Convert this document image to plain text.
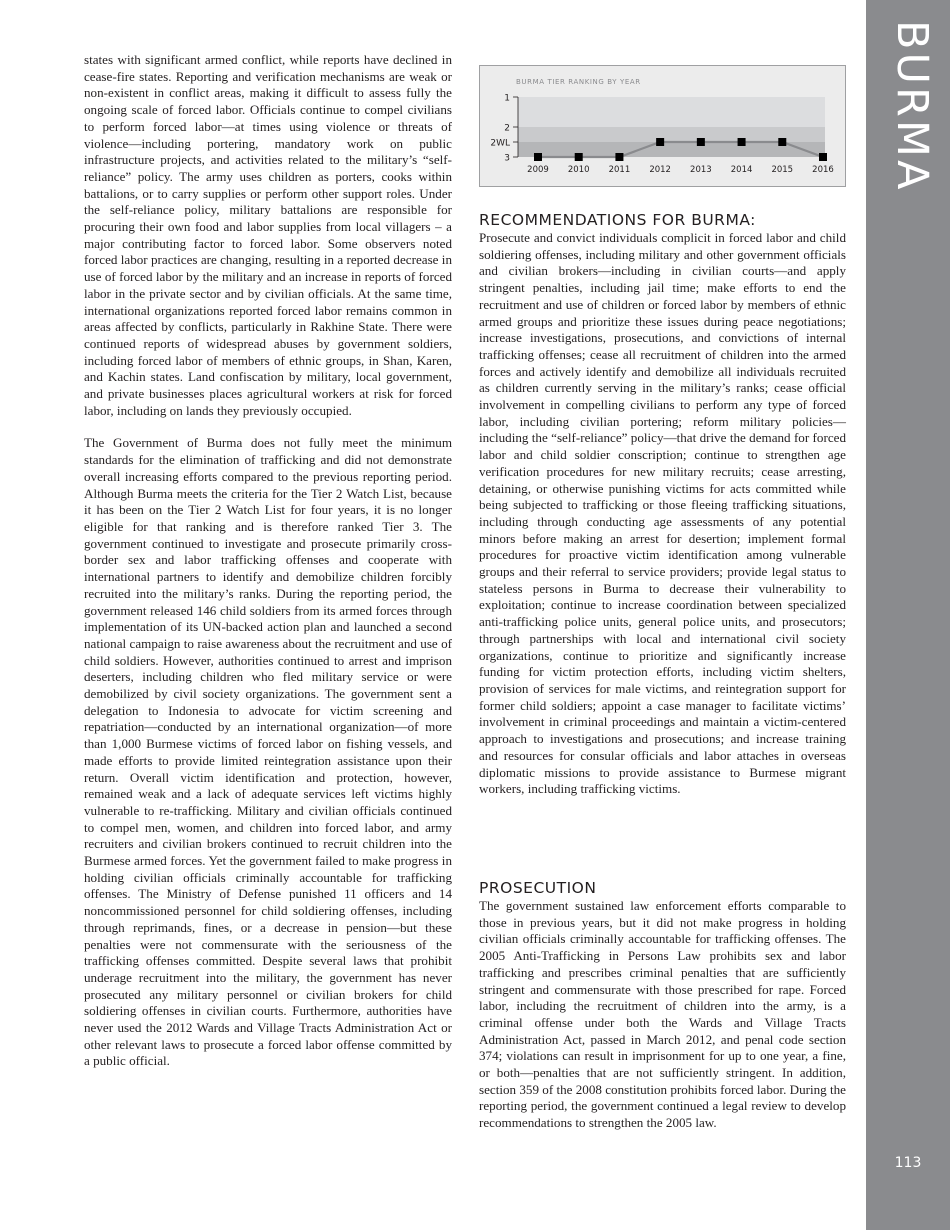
BURMA
113

states with significant armed conflict, while reports have declined in cease-fire states. Reporting and verification mechanisms are weak or non-existent in conflict areas, making it difficult to assess fully the ongoing scale of forced labor. Officials continue to compel civilians to perform forced labor—at times using violence or threats of violence—including portering, mandatory work on public infrastructure projects, and activities related to the military’s “self-reliance” policy. The army uses children as porters, cooks within battalions, or to carry supplies or perform other support roles. Under the self-reliance policy, military battalions are responsible for procuring their own food and labor supplies from local villagers – a major contributing factor to forced labor. Some observers noted forced labor practices are changing, resulting in a reported decrease in use of forced labor by the military and an increase in reports of forced labor in the private sector and by civilian officials. At the same time, international organizations reported forced labor remains common in areas affected by conflicts, particularly in Rakhine State. There were continued reports of widespread abuses by government soldiers, including forced labor of members of ethnic groups, in Shan, Karen, and Kachin states. Land confiscation by military, local government, and private businesses places agricultural workers at risk for forced labor, including on lands they previously occupied.

The Government of Burma does not fully meet the minimum standards for the elimination of trafficking and did not demonstrate overall increasing efforts compared to the previous reporting period. Although Burma meets the criteria for the Tier 2 Watch List, because it has been on the Tier 2 Watch List for four years, it is no longer eligible for that ranking and is therefore ranked Tier 3. The government continued to investigate and prosecute primarily cross-border sex and labor trafficking offenses and cooperate with international partners to identify and demobilize children forcibly recruited into the military’s ranks. During the reporting period, the government released 146 child soldiers from its armed forces through implementation of its UN-backed action plan and launched a second national campaign to raise awareness about the recruitment and use of child soldiers. However, authorities continued to arrest and imprison deserters, including children who fled military service or were demobilized by civil society organizations. The government sent a delegation to Indonesia to advocate for victim screening and repatriation—conducted by an international organization—of more than 1,000 Burmese victims of forced labor on fishing vessels, and made efforts to provide limited reintegration assistance upon their return. Overall victim identification and protection, however, remained weak and a lack of adequate services left victims highly vulnerable to re-trafficking. Military and civilian officials continued to compel men, women, and children into forced labor, and army recruiters and civilian brokers continued to recruit children into the Burmese armed forces. Yet the government failed to make progress in holding civilian officials criminally accountable for trafficking offenses. The Ministry of Defense punished 11 officers and 14 noncommissioned personnel for child soldiering offenses, including through reprimands, fines, or a decrease in pension—but these penalties were not commensurate with the seriousness of the trafficking offenses committed. Despite several laws that prohibit underage recruitment into the military, the government has never prosecuted any military personnel or civilian brokers for child soldiering offenses in civilian courts. Furthermore, authorities have never used the 2012 Wards and Village Tracts Administration Act or other relevant laws to prosecute a forced labor offense committed by a public official.

BURMA TIER RANKING BY YEAR
1
2
2WL
3
2009 2010 2011 2012 2013 2014 2015 2016
RECOMMENDATIONS FOR BURMA:

Prosecute and convict individuals complicit in forced labor and child soldiering offenses, including military and other government officials and civilian brokers—including in civilian courts—and apply stringent penalties, including jail time; make efforts to end the recruitment and use of children or forced labor by members of ethnic armed groups and prioritize these issues during peace negotiations; increase investigations, prosecutions, and convictions of internal trafficking offenses; cease all recruitment of children into the armed forces and actively identify and demobilize all individuals recruited as children currently serving in the military’s ranks; cease official involvement in compelling civilians to perform any type of forced labor, including civilian portering; reform military policies—including the “self-reliance” policy—that drive the demand for forced labor and child soldier conscription; continue to strengthen age verification procedures for new military recruits; cease arresting, detaining, or otherwise punishing victims for acts committed while being subjected to trafficking or those fleeing trafficking situations, including through conducting age assessments of any potential minors before making an arrest for desertion; implement formal procedures for proactive victim identification among vulnerable groups and their referral to service providers; provide legal status to stateless persons in Burma to decrease their vulnerability to exploitation; continue to increase coordination between specialized anti-trafficking police units, general police units, and prosecutors; through partnerships with local and international civil society organizations, continue to prioritize and significantly increase funding for victim protection efforts, including victim shelters, provision of services for male victims, and reintegration support for former child soldiers; appoint a case manager to facilitate victims’ involvement in criminal proceedings and maintain a victim-centered approach to investigations and prosecutions; and increase training and resources for consular officials and labor attaches in overseas diplomatic missions to provide assistance to Burmese migrant workers, including trafficking victims.

PROSECUTION

The government sustained law enforcement efforts comparable to those in previous years, but it did not make progress in holding civilian officials criminally accountable for trafficking offenses. The 2005 Anti-Trafficking in Persons Law prohibits sex and labor trafficking and prescribes criminal penalties that are sufficiently stringent and commensurate with those prescribed for rape. Forced labor, including the recruitment of children into the army, is a criminal offense under both the Wards and Village Tracts Administration Act, passed in March 2012, and penal code section 374; violations can result in imprisonment for up to one year, a fine, or both—penalties that are not sufficiently stringent. In addition, section 359 of the 2008 constitution prohibits forced labor. During the reporting period, the government continued a legal review to develop recommendations to strengthen the 2005 law.
